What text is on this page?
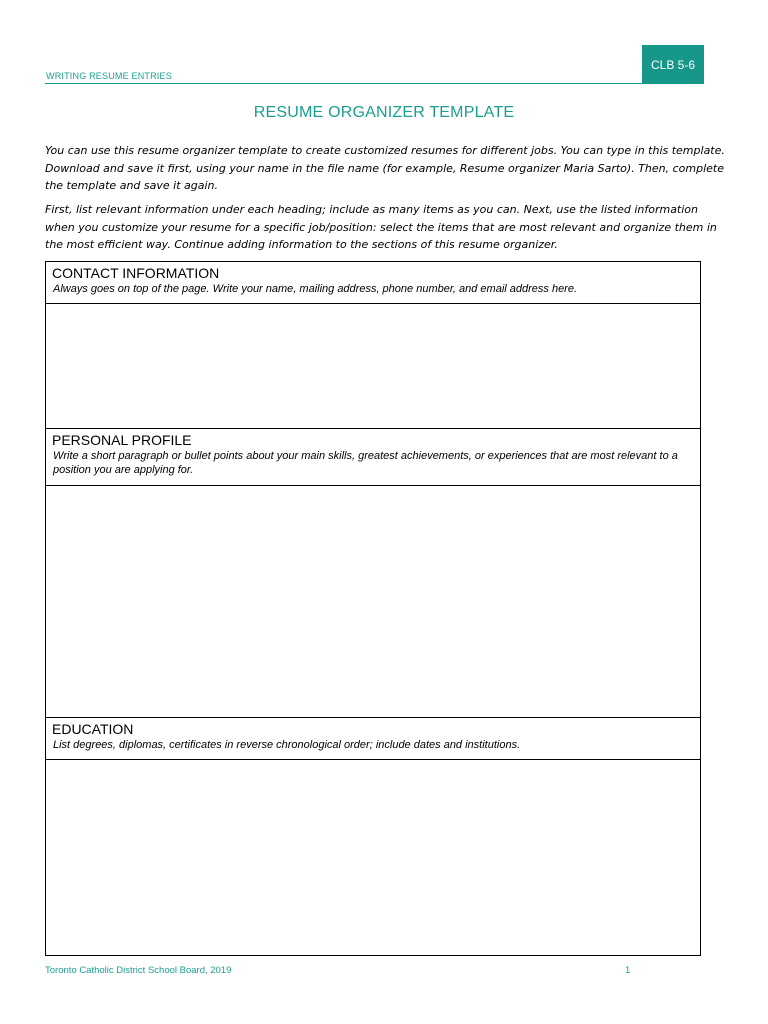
WRITING RESUME ENTRIES
CLB 5-6
RESUME ORGANIZER TEMPLATE

You can use this resume organizer template to create customized resumes for different jobs. You can type in this template. Download and save it first, using your name in the file name (for example, Resume organizer Maria Sarto). Then, complete the template and save it again.

First, list relevant information under each heading; include as many items as you can. Next, use the listed information when you customize your resume for a specific job/position: select the items that are most relevant and organize them in the most efficient way. Continue adding information to the sections of this resume organizer.

CONTACT INFORMATION
Always goes on top of the page. Write your name, mailing address, phone number, and email address here.
PERSONAL PROFILE
Write a short paragraph or bullet points about your main skills, greatest achievements, or experiences that are most relevant to a position you are applying for.
EDUCATION
List degrees, diplomas, certificates in reverse chronological order; include dates and institutions.
Toronto Catholic District School Board, 2019	1
